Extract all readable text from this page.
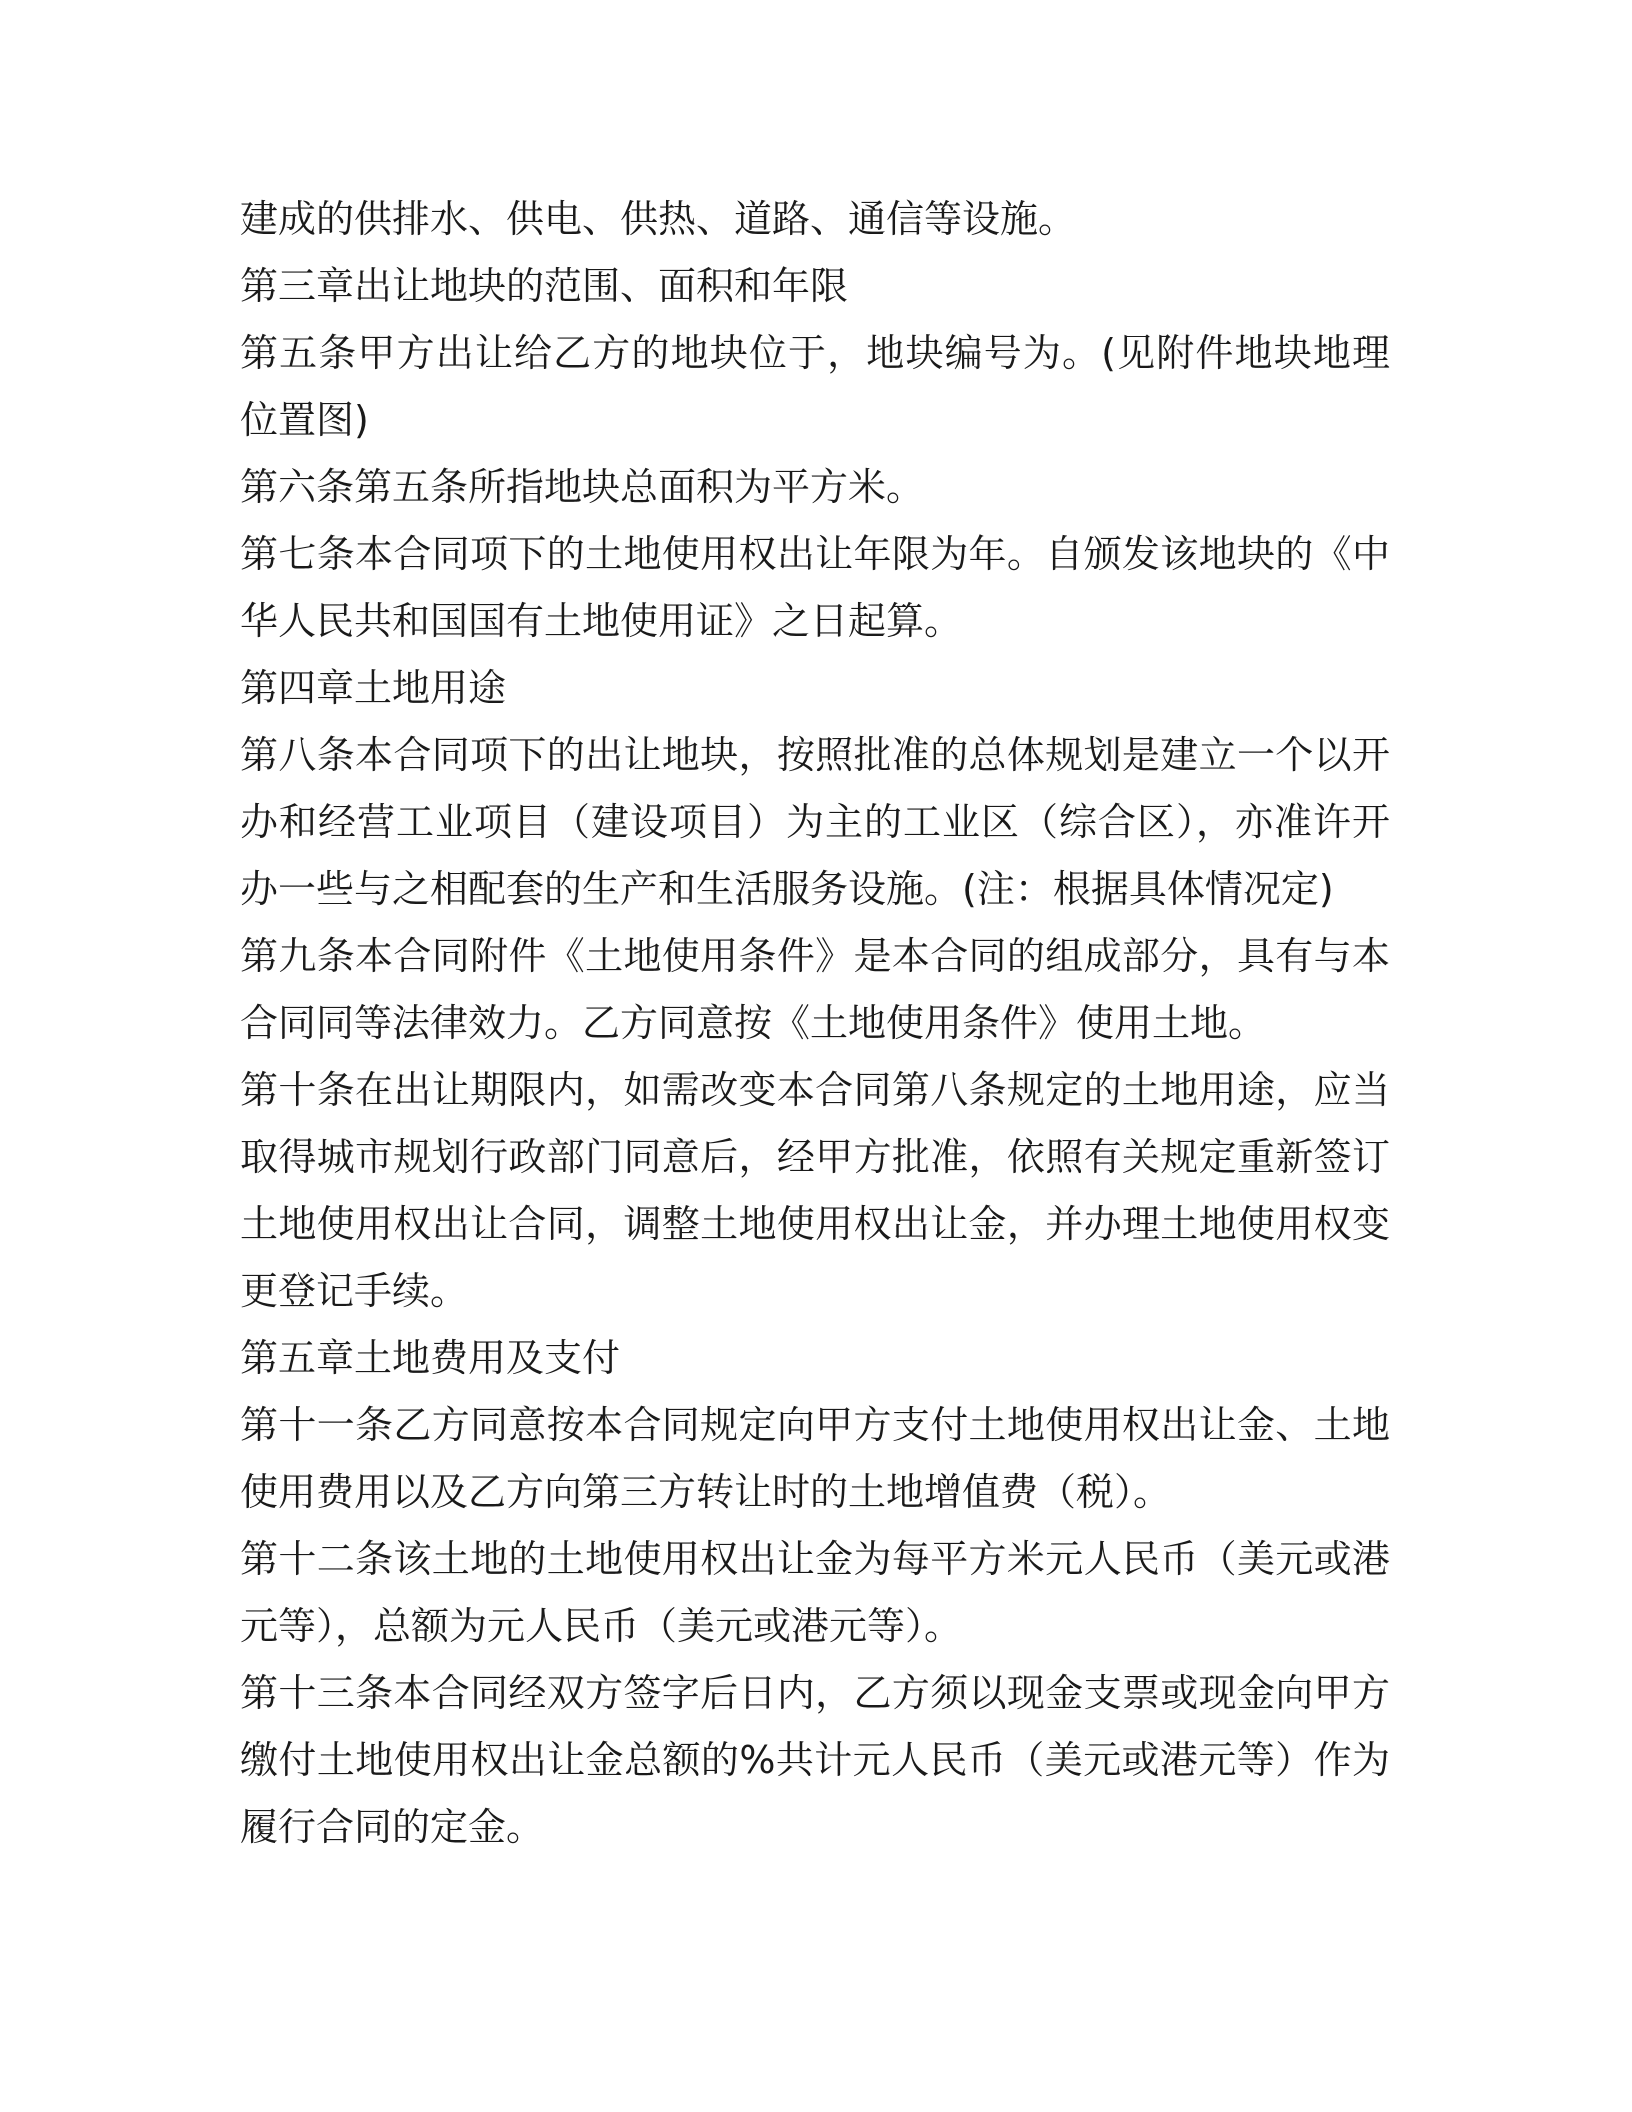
建成的供排水、供电、供热、道路、通信等设施。

第三章出让地块的范围、面积和年限

第五条甲方出让给乙方的地块位于，地块编号为。(见附件地块地理位置图)

第六条第五条所指地块总面积为平方米。

第七条本合同项下的土地使用权出让年限为年。自颁发该地块的《中华人民共和国国有土地使用证》之日起算。

第四章土地用途

第八条本合同项下的出让地块，按照批准的总体规划是建立一个以开办和经营工业项目（建设项目）为主的工业区（综合区），亦准许开办一些与之相配套的生产和生活服务设施。(注：根据具体情况定)

第九条本合同附件《土地使用条件》是本合同的组成部分，具有与本合同同等法律效力。乙方同意按《土地使用条件》使用土地。

第十条在出让期限内，如需改变本合同第八条规定的土地用途，应当取得城市规划行政部门同意后，经甲方批准，依照有关规定重新签订土地使用权出让合同，调整土地使用权出让金，并办理土地使用权变更登记手续。

第五章土地费用及支付

第十一条乙方同意按本合同规定向甲方支付土地使用权出让金、土地使用费用以及乙方向第三方转让时的土地增值费（税）。

第十二条该土地的土地使用权出让金为每平方米元人民币（美元或港元等），总额为元人民币（美元或港元等）。

第十三条本合同经双方签字后日内，乙方须以现金支票或现金向甲方缴付土地使用权出让金总额的%共计元人民币（美元或港元等）作为履行合同的定金。
